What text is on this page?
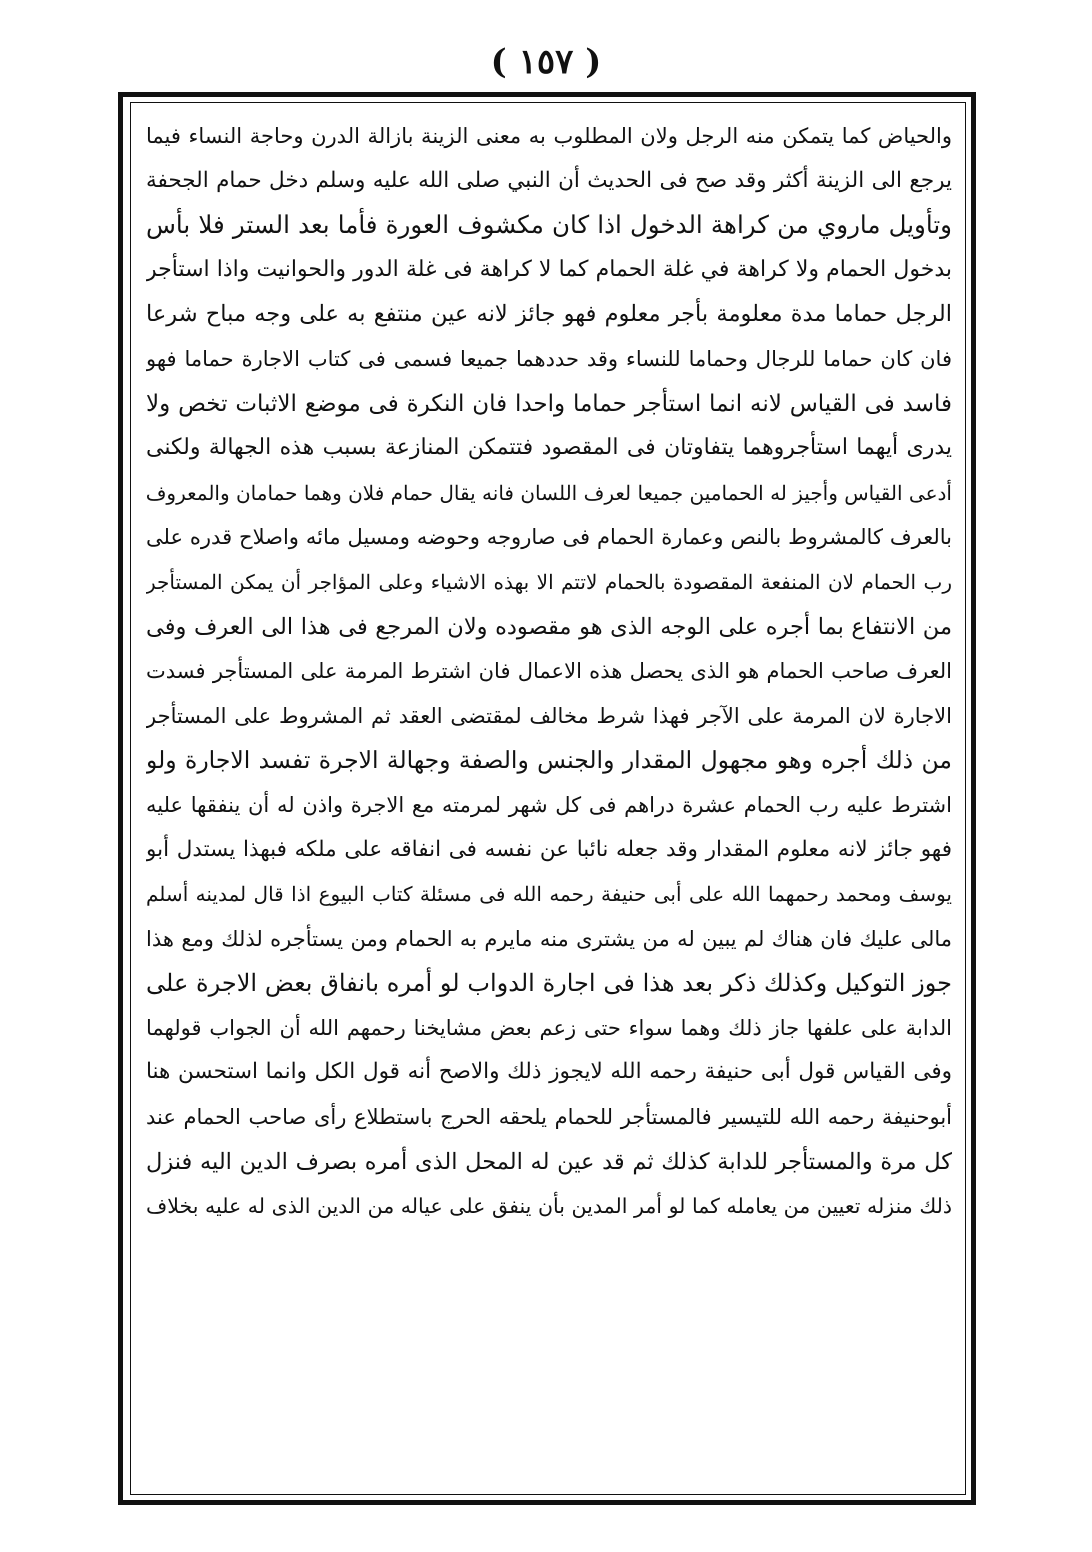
( ١٥٧ )
والحياض كما يتمكن منه الرجل ولان المطلوب به معنى الزينة بازالة الدرن وحاجة النساء فيما
يرجع الى الزينة أكثر وقد صح فى الحديث أن النبي صلى الله عليه وسلم دخل حمام الجحفة
وتأويل ماروي من كراهة الدخول اذا كان مكشوف العورة فأما بعد الستر فلا بأس
بدخول الحمام ولا كراهة في غلة الحمام كما لا كراهة فى غلة الدور والحوانيت واذا استأجر
الرجل حماما مدة معلومة بأجر معلوم فهو جائز لانه عين منتفع به على وجه مباح شرعا
فان كان حماما للرجال وحماما للنساء وقد حددهما جميعا فسمى فى كتاب الاجارة حماما فهو
فاسد فى القياس لانه انما استأجر حماما واحدا فان النكرة فى موضع الاثبات تخص ولا
يدرى أيهما استأجروهما يتفاوتان فى المقصود فتتمكن المنازعة بسبب هذه الجهالة ولكنى
أدعى القياس وأجيز له الحمامين جميعا لعرف اللسان فانه يقال حمام فلان وهما حمامان والمعروف
بالعرف كالمشروط بالنص وعمارة الحمام فى صاروجه وحوضه ومسيل مائه واصلاح قدره على
رب الحمام لان المنفعة المقصودة بالحمام لاتتم الا بهذه الاشياء وعلى المؤاجر أن يمكن المستأجر
من الانتفاع بما أجره على الوجه الذى هو مقصوده ولان المرجع فى هذا الى العرف وفى
العرف صاحب الحمام هو الذى يحصل هذه الاعمال فان اشترط المرمة على المستأجر فسدت
الاجارة لان المرمة على الآجر فهذا شرط مخالف لمقتضى العقد ثم المشروط على المستأجر
من ذلك أجره وهو مجهول المقدار والجنس والصفة وجهالة الاجرة تفسد الاجارة ولو
اشترط عليه رب الحمام عشرة دراهم فى كل شهر لمرمته مع الاجرة واذن له أن ينفقها عليه
فهو جائز لانه معلوم المقدار وقد جعله نائبا عن نفسه فى انفاقه على ملكه فبهذا يستدل أبو
يوسف ومحمد رحمهما الله على أبى حنيفة رحمه الله فى مسئلة كتاب البيوع اذا قال لمدينه أسلم
مالى عليك فان هناك لم يبين له من يشترى منه مايرم به الحمام ومن يستأجره لذلك ومع هذا
جوز التوكيل وكذلك ذكر بعد هذا فى اجارة الدواب لو أمره بانفاق بعض الاجرة على
الدابة على علفها جاز ذلك وهما سواء حتى زعم بعض مشايخنا رحمهم الله أن الجواب قولهما
وفى القياس قول أبى حنيفة رحمه الله لايجوز ذلك والاصح أنه قول الكل وانما استحسن هنا
أبوحنيفة رحمه الله للتيسير فالمستأجر للحمام يلحقه الحرج باستطلاع رأى صاحب الحمام عند
كل مرة والمستأجر للدابة كذلك ثم قد عين له المحل الذى أمره بصرف الدين اليه فنزل
ذلك منزله تعيين من يعامله كما لو أمر المدين بأن ينفق على عياله من الدين الذى له عليه بخلاف
